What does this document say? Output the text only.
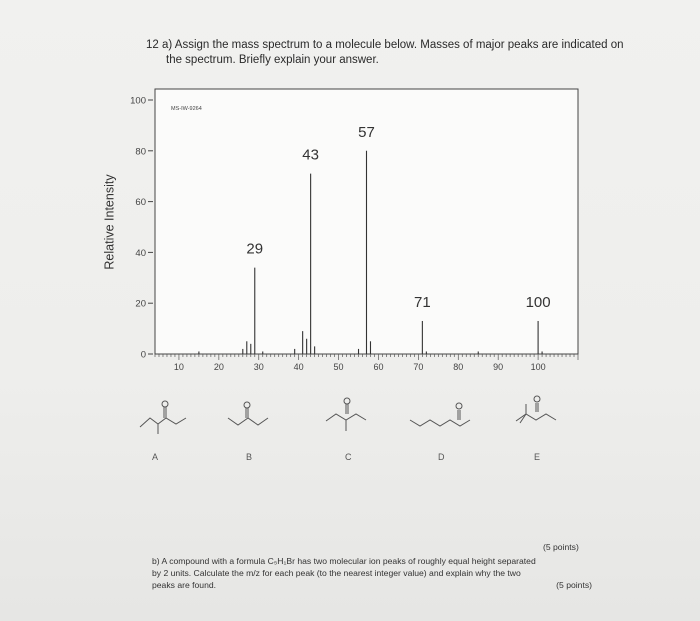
12 a) Assign the mass spectrum to a molecule below. Masses of major peaks are indicated on
the spectrum. Briefly explain your answer.
Relative Intensity
0
20
40
60
80
100
10	20	30	40	50	60	70	80	90	100
29
43
57
71	100
MS-IW-9264
A	B	C	D	E
(5 points)
b) A compound with a formula C₅H₁Br has two molecular ion peaks of roughly equal height separated
by 2 units. Calculate the m/z for each peak (to the nearest integer value) and explain why the two
peaks are found.	(5 points)
